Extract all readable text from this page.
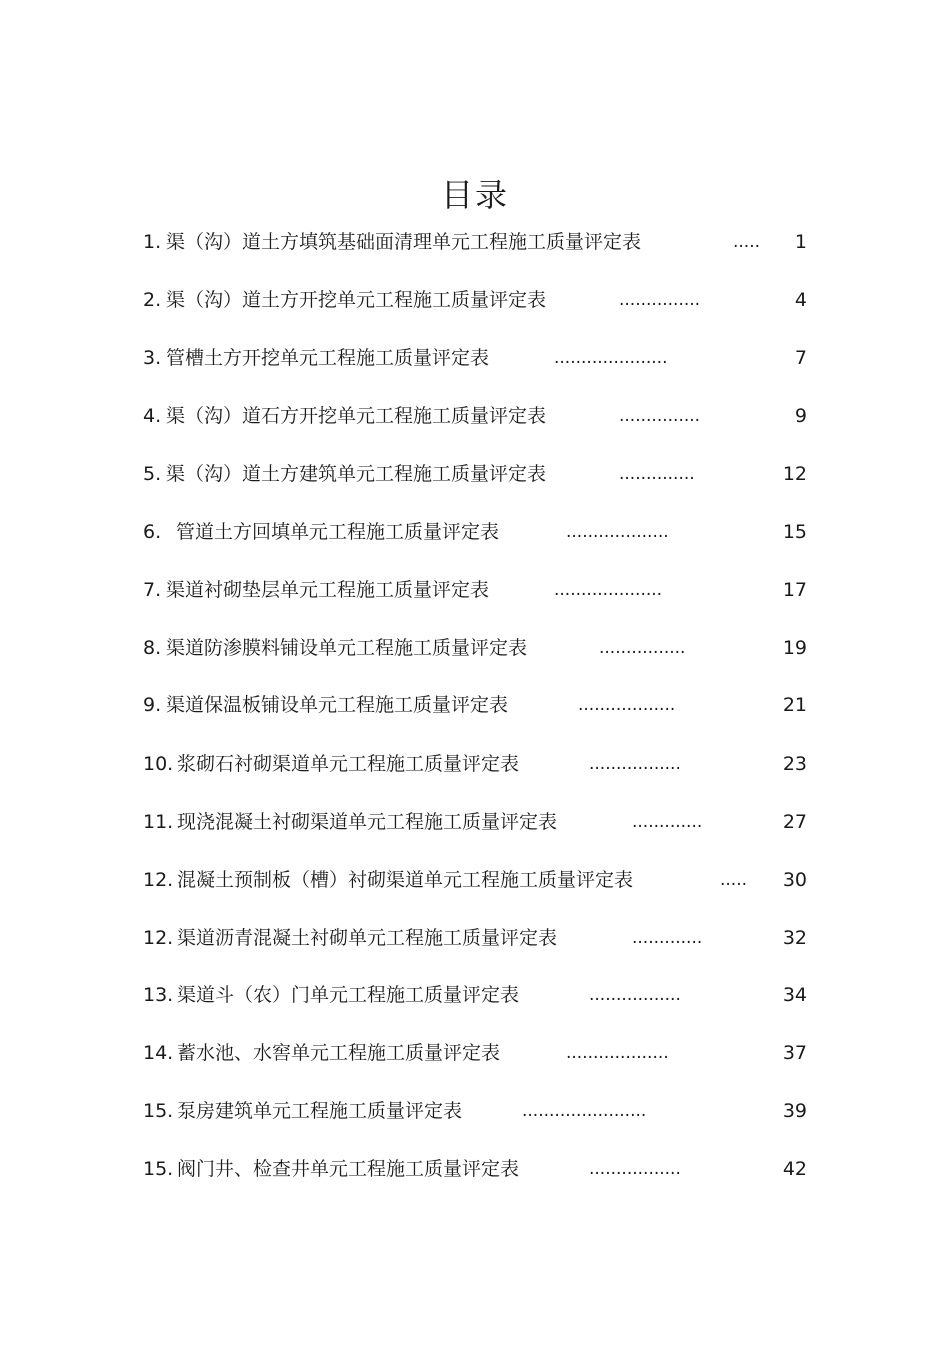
目录
1. 渠（沟）道土方填筑基础面清理单元工程施工质量评定表	..... 1
2. 渠（沟）道土方开挖单元工程施工质量评定表	...............	4
3. 管槽土方开挖单元工程施工质量评定表	.....................	7
4. 渠（沟）道石方开挖单元工程施工质量评定表	...............	9
5. 渠（沟）道土方建筑单元工程施工质量评定表	..............	12
6. 管道土方回填单元工程施工质量评定表	...................	15
7. 渠道衬砌垫层单元工程施工质量评定表	....................	17
8. 渠道防渗膜料铺设单元工程施工质量评定表	................	19
9. 渠道保温板铺设单元工程施工质量评定表	..................	21
10. 浆砌石衬砌渠道单元工程施工质量评定表	.................	23
11. 现浇混凝土衬砌渠道单元工程施工质量评定表	.............	27
12. 混凝土预制板（槽）衬砌渠道单元工程施工质量评定表	..... 30
12. 渠道沥青混凝土衬砌单元工程施工质量评定表	.............	32
13. 渠道斗（农）门单元工程施工质量评定表	.................	34
14. 蓄水池、水窖单元工程施工质量评定表	...................	37
15. 泵房建筑单元工程施工质量评定表	.......................	39
15. 阀门井、检查井单元工程施工质量评定表	.................	42
